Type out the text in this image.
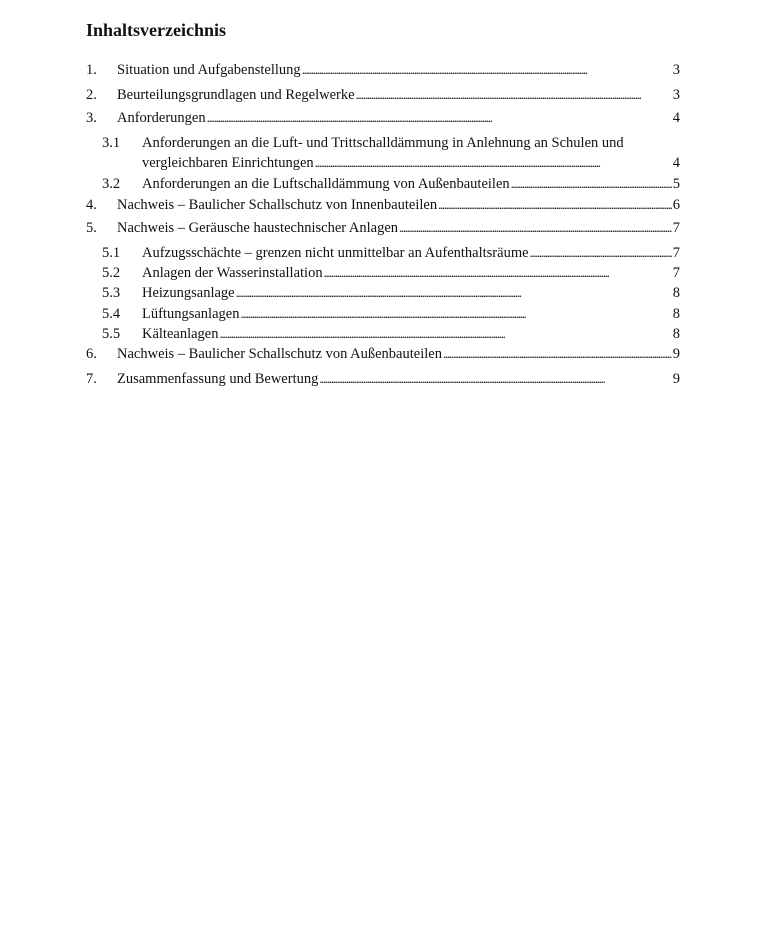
Inhaltsverzeichnis
1. Situation und Aufgabenstellung . . .	3
2. Beurteilungsgrundlagen und Regelwerke . . .	3
3. Anforderungen . . .	4
3.1 Anforderungen an die Luft- und Trittschalldämmung in Anlehnung an Schulen und
vergleichbaren Einrichtungen . . .	4
3.2 Anforderungen an die Luftschalldämmung von Außenbauteilen . . .	5
4. Nachweis – Baulicher Schallschutz von Innenbauteilen . . .	6
5. Nachweis – Geräusche haustechnischer Anlagen . . .	7
5.1 Aufzugsschächte – grenzen nicht unmittelbar an Aufenthaltsräume . . .	7
5.2 Anlagen der Wasserinstallation . . .	7
5.3 Heizungsanlage . . .	8
5.4 Lüftungsanlagen . . .	8
5.5 Kälteanlagen . . .	8
6. Nachweis – Baulicher Schallschutz von Außenbauteilen . . .	9
7. Zusammenfassung und Bewertung . . .	9
